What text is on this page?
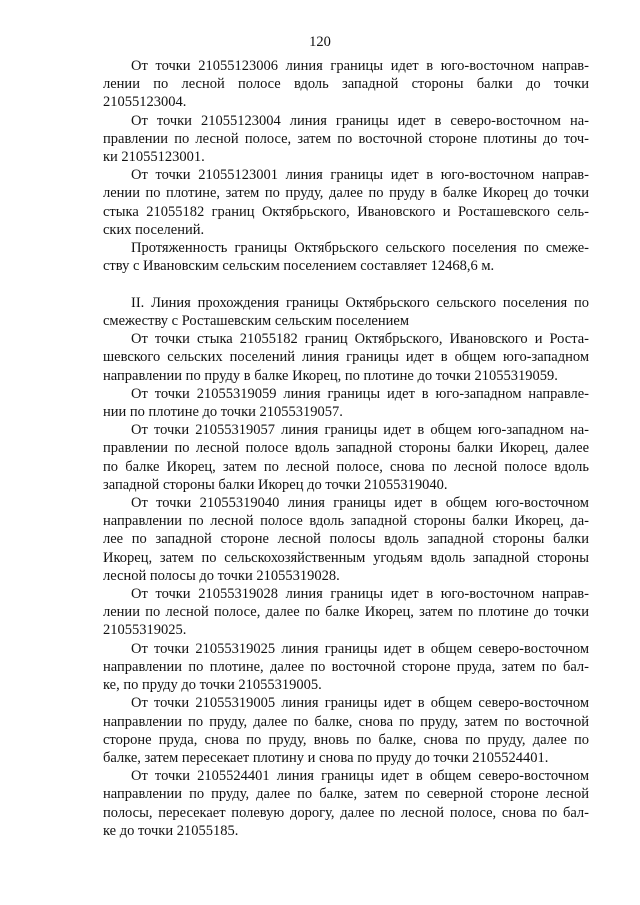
120
От точки 21055123006 линия границы идет в юго-восточном направ-
лении по лесной полосе вдоль западной стороны балки до точки
21055123004.
От точки 21055123004 линия границы идет в северо-восточном на-
правлении по лесной полосе, затем по восточной стороне плотины до точ-
ки 21055123001.
От точки 21055123001 линия границы идет в юго-восточном направ-
лении по плотине, затем по пруду, далее по пруду в балке Икорец до точки
стыка 21055182 границ Октябрьского, Ивановского и Росташевского сель-
ских поселений.
Протяженность границы Октябрьского сельского поселения по смеже-
ству с Ивановским сельским поселением составляет 12468,6 м.
II. Линия прохождения границы Октябрьского сельского поселения по
смежеству с Росташевским сельским поселением
От точки стыка 21055182 границ Октябрьского, Ивановского и Роста-
шевского сельских поселений линия границы идет в общем юго-западном
направлении по пруду в балке Икорец, по плотине до точки 21055319059.
От точки 21055319059 линия границы идет в юго-западном направле-
нии по плотине до точки 21055319057.
От точки 21055319057 линия границы идет в общем юго-западном на-
правлении по лесной полосе вдоль западной стороны балки Икорец, далее
по балке Икорец, затем по лесной полосе, снова по лесной полосе вдоль
западной стороны балки Икорец до точки 21055319040.
От точки 21055319040 линия границы идет в общем юго-восточном
направлении по лесной полосе вдоль западной стороны балки Икорец, да-
лее по западной стороне лесной полосы вдоль западной стороны балки
Икорец, затем по сельскохозяйственным угодьям вдоль западной стороны
лесной полосы до точки 21055319028.
От точки 21055319028 линия границы идет в юго-восточном направ-
лении по лесной полосе, далее по балке Икорец, затем по плотине до точки
21055319025.
От точки 21055319025 линия границы идет в общем северо-восточном
направлении по плотине, далее по восточной стороне пруда, затем по бал-
ке, по пруду до точки 21055319005.
От точки 21055319005 линия границы идет в общем северо-восточном
направлении по пруду, далее по балке, снова по пруду, затем по восточной
стороне пруда, снова по пруду, вновь по балке, снова по пруду, далее по
балке, затем пересекает плотину и снова по пруду до точки 2105524401.
От точки 2105524401 линия границы идет в общем северо-восточном
направлении по пруду, далее по балке, затем по северной стороне лесной
полосы, пересекает полевую дорогу, далее по лесной полосе, снова по бал-
ке до точки 21055185.
